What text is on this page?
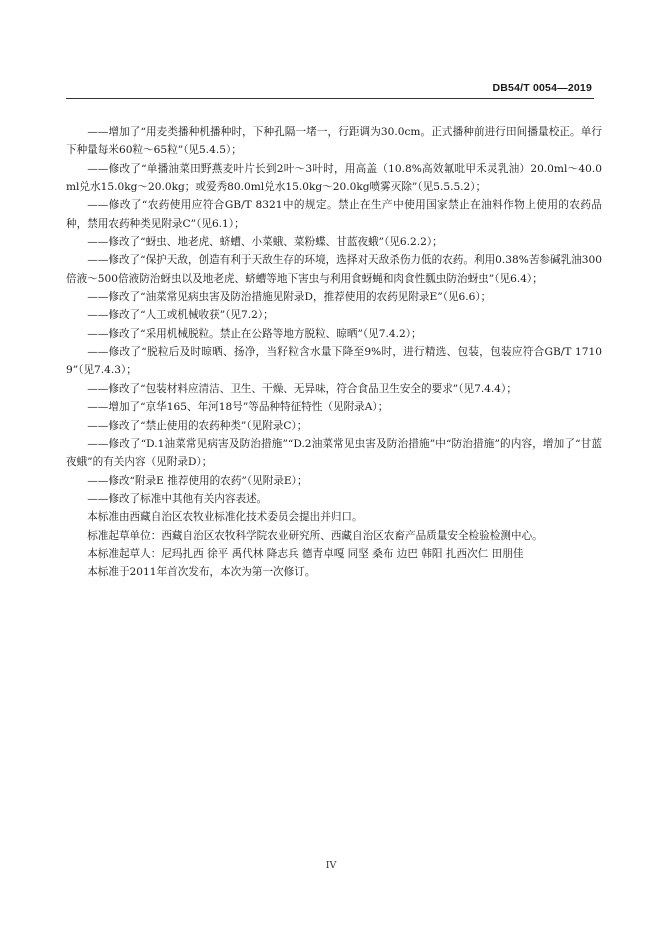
DB54/T 0054—2019

——增加了“用麦类播种机播种时，下种孔隔一堵一，行距调为30.0cm。正式播种前进行田间播量校正。单行下种量每米60粒～65粒”（见5.4.5）；

——修改了“单播油菜田野燕麦叶片长到2叶～3叶时，用高盖（10.8%高效氟吡甲禾灵乳油）20.0ml～40.0ml兑水15.0kg～20.0kg；或爱秀80.0ml兑水15.0kg～20.0kg喷雾灭除”（见5.5.5.2）；

——修改了“农药使用应符合GB/T 8321中的规定。禁止在生产中使用国家禁止在油料作物上使用的农药品种，禁用农药种类见附录C”（见6.1）；

——修改了“蚜虫、地老虎、蛴螬、小菜蛾、菜粉蝶、甘蓝夜蛾”（见6.2.2）；

——修改了“保护天敌，创造有利于天敌生存的环境，选择对天敌杀伤力低的农药。利用0.38%苦参碱乳油300倍液～500倍液防治蚜虫以及地老虎、蛴螬等地下害虫与利用食蚜蝇和肉食性瓢虫防治蚜虫”（见6.4）；

——修改了“油菜常见病虫害及防治措施见附录D，推荐使用的农药见附录E”（见6.6）；

——修改了“人工或机械收获”（见7.2）；

——修改了“采用机械脱粒。禁止在公路等地方脱粒、晾晒”（见7.4.2）；

——修改了“脱粒后及时晾晒、扬净，当籽粒含水量下降至9%时，进行精选、包装，包装应符合GB/T 17109”（见7.4.3）；

——修改了“包装材料应清洁、卫生、干燥、无异味，符合食品卫生安全的要求”（见7.4.4）；

——增加了“京华165、年河18号”等品种特征特性（见附录A）；

——修改了“禁止使用的农药种类”（见附录C）；

——修改了“D.1油菜常见病害及防治措施”“D.2油菜常见虫害及防治措施”中“防治措施”的内容，增加了“甘蓝夜蛾”的有关内容（见附录D）；

——修改“附录E 推荐使用的农药”（见附录E）；

——修改了标准中其他有关内容表述。

本标准由西藏自治区农牧业标准化技术委员会提出并归口。

标准起草单位：西藏自治区农牧科学院农业研究所、西藏自治区农畜产品质量安全检验检测中心。

本标准起草人：尼玛扎西 徐平 禹代林 降志兵 德青卓嘎 同坚 桑布 边巴 韩阳 扎西次仁 田朋佳

本标准于2011年首次发布，本次为第一次修订。

IV
